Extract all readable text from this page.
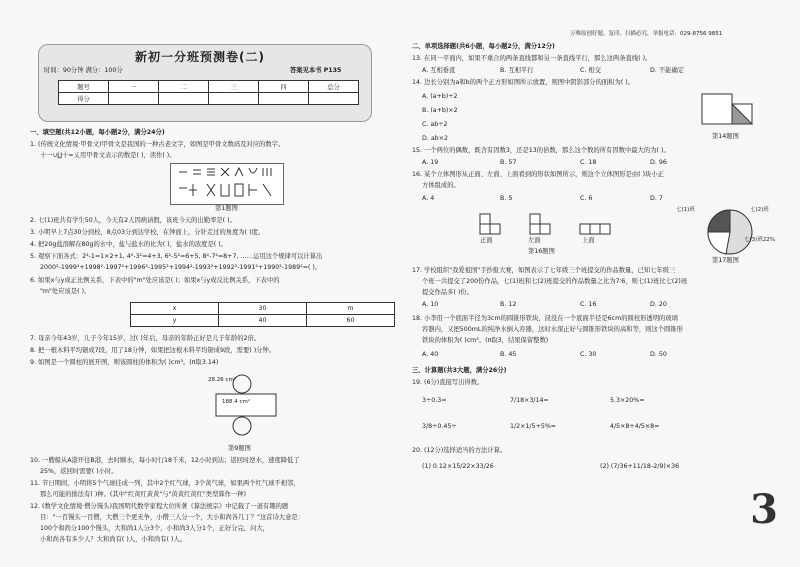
新初一分班预测卷(二)
时间：90分钟 满分：100分	答案见本书 P135
题号	一	二	三	四	总分
得分					
一、填空题(共12小题，每小题2分，满分24分)
1. (传统文化情境·甲骨文)甲骨文是我国的一种古老文字，如图是甲骨文数码及对应的数字。
十一∪∐十=乂用甲骨文表示的数是( )，读作( )。
第1题图
2. 七(1)班共有学生50人，今天有2人因病请假，该班今天的出勤率是( )。
3. 小明早上7点30分到校，8点03分到达学校，在钟面上，分针走过的角度为( )度。
4. 把20g盐溶解在80g的水中，盐与盐水的比为( )，盐水的浓度是( )。
5. 观察下面各式：2²-1=1×2+1, 4²-3²=4+3, 6²-5²=6+5, 8²-7²=8+7, ……运用这个规律可以计算出
2000²-1999²+1998²-1997²+1996²-1995²+1994²-1993²+1992²-1991²+1990²-1989²=( )。
6. 如果x与y成正比例关系，下表中的"m"处应该是( )；如果x与y成反比例关系，下表中的
"m"处应该是( )。
x	30	m
y	40	60
7. 母亲今年43岁，儿子今年15岁，过( )年后，母亲的年龄正好是儿子年龄的2倍。
8. 把一根木料平均锯成7段，用了18分钟，如果把这根木料平均锯成9段，需要( )分钟。
9. 如图是一个圆柱的展开图，则该圆柱的体积为( )cm³。(π取3.14)
28.26 cm²
188.4 cm²
第9题图
10. 一艘船从A港开往B港，去时顺水，每小时行18千米，12小时到达；返回时逆水，速度降低了
25%，返回时需要( )小时。
11. 节日期间，小明将5个气球挂成一列，其中2个红气球，3个黄气球，如果两个红气球不相邻，
那么可能的排法有( )种。(其中"红黄红黄黄"与"黄黄红黄红"类型算作一种)
12. (数学文化情境·僧分馒头)我国明代数学家程大位所著《算法统宗》中记载了一道有趣的题
目："一百馒头一百僧，大僧三个更无争，小僧三人分一个，大小和尚各几丁？"这首诗大意是：
100个和尚分100个馒头，大和尚1人分3个，小和尚3人分1个，正好分完，问大，
小和尚各有多少人？大和尚有( )人，小和尚有( )人。
万唯原创好题，复印、扫描必究，举报电话：029-8756 9851
二、单项选择题(共6小题，每小题2分，满分12分)
13. 在同一平面内，如果不重合的两条直线都和另一条直线平行，那么这两条直线( )。
A. 互相垂直	B. 互相平行	C. 相交	D. 不能确定
14. 边长分别为a和b的两个正方形如图所示放置，则图中阴影部分的面积为( )。
A. (a+b)÷2
B. (a+b)×2
C. ab÷2
D. ab×2	第14题图
15. 一个两位的偶数，既含有因数3，还是13的倍数，那么这个数的所有因数中最大的为( )。
A. 19	B. 57	C. 18	D. 96
16. 某个立体图形从正面、左面、上面看到的形状如图所示，则这个立体图形是由( )块小正
方体组成的。
A. 4	B. 5	C. 6	D. 7
正面	左面	上面
第16题图
七(1)班	七(2)班
七(3)班22%
第17题图
17. 学校组织"我爱祖国"手抄报大赛，如图表示了七年级三个班提交的作品数量，已知七年级三
个班一共提交了200份作品，七(1)班和七(2)班提交的作品数量之比为7∶6，则七(1)班比七(2)班
提交作品多( )份。
A. 10	B. 12	C. 16	D. 20
18. 小李用一个底面半径为3cm的圆锥形铁块，浸没在一个底面半径是6cm的圆柱形透明的玻璃
容器内，又把500mL的纯净水倒入容器，这时水深正好与圆锥形铁块的高和等，则这个圆锥形
铁块的体积为( )cm³。(π取3，结果保留整数)
A. 40	B. 45	C. 30	D. 50
三、计算题(共3大题，满分26分)
19. (6分)直接写出得数。
3÷0.3=	7/18×3/14=	5.3×20%=
3/8÷0.45÷	1/2×1/5+5%=	4/5×8+4/5×8=
20. (12分)选择适当的方法计算。
(1) 0.12×15/22×33/26	(2) (7/36+11/18-2/9)×36
3
